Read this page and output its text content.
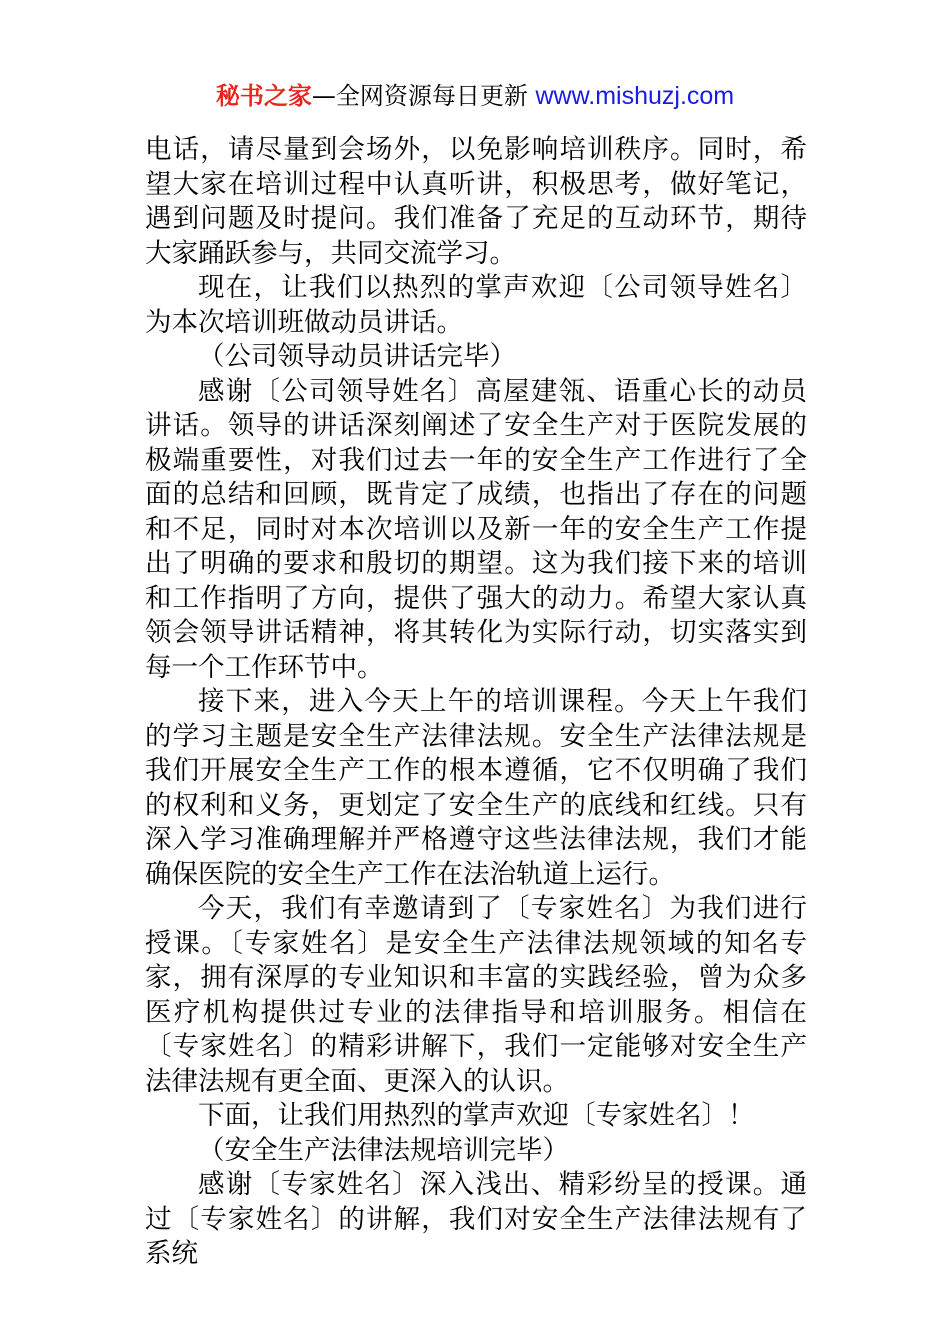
秘书之家—全网资源每日更新 www.mishuzj.com

电话，请尽量到会场外，以免影响培训秩序。同时，希望大家在培训过程中认真听讲，积极思考，做好笔记，遇到问题及时提问。我们准备了充足的互动环节，期待大家踊跃参与，共同交流学习。

现在，让我们以热烈的掌声欢迎〔公司领导姓名〕为本次培训班做动员讲话。

（公司领导动员讲话完毕）

感谢〔公司领导姓名〕高屋建瓴、语重心长的动员讲话。领导的讲话深刻阐述了安全生产对于医院发展的极端重要性，对我们过去一年的安全生产工作进行了全面的总结和回顾，既肯定了成绩，也指出了存在的问题和不足，同时对本次培训以及新一年的安全生产工作提出了明确的要求和殷切的期望。这为我们接下来的培训和工作指明了方向，提供了强大的动力。希望大家认真领会领导讲话精神，将其转化为实际行动，切实落实到每一个工作环节中。

接下来，进入今天上午的培训课程。今天上午我们的学习主题是安全生产法律法规。安全生产法律法规是我们开展安全生产工作的根本遵循，它不仅明确了我们的权利和义务，更划定了安全生产的底线和红线。只有深入学习准确理解并严格遵守这些法律法规，我们才能确保医院的安全生产工作在法治轨道上运行。

今天，我们有幸邀请到了〔专家姓名〕为我们进行授课。〔专家姓名〕是安全生产法律法规领域的知名专家，拥有深厚的专业知识和丰富的实践经验，曾为众多医疗机构提供过专业的法律指导和培训服务。相信在〔专家姓名〕的精彩讲解下，我们一定能够对安全生产法律法规有更全面、更深入的认识。

下面，让我们用热烈的掌声欢迎〔专家姓名〕！

（安全生产法律法规培训完毕）

感谢〔专家姓名〕深入浅出、精彩纷呈的授课。通过〔专家姓名〕的讲解，我们对安全生产法律法规有了系统
